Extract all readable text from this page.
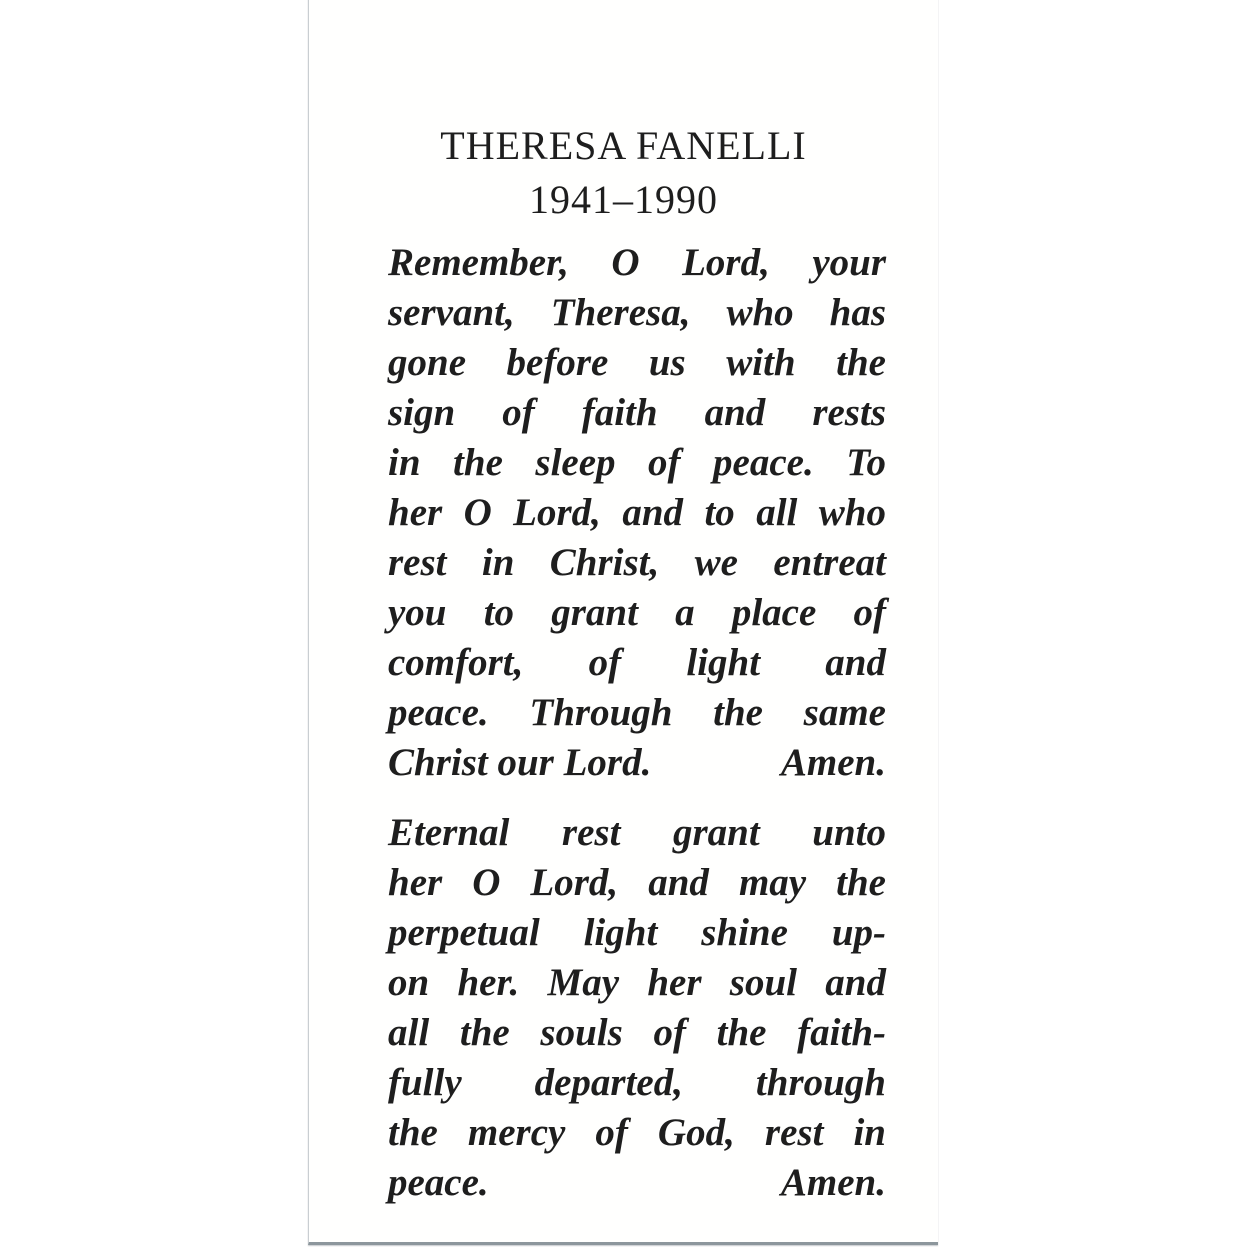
THERESA FANELLI
1941–1990
Remember, O Lord, your
servant, Theresa, who has
gone before us with the
sign of faith and rests
in the sleep of peace. To
her O Lord, and to all who
rest in Christ, we entreat
you to grant a place of
comfort, of light and
peace. Through the same
Christ our Lord.	Amen.
Eternal rest grant unto
her O Lord, and may the
perpetual light shine up-
on her. May her soul and
all the souls of the faith-
fully departed, through
the mercy of God, rest in
peace.	Amen.
